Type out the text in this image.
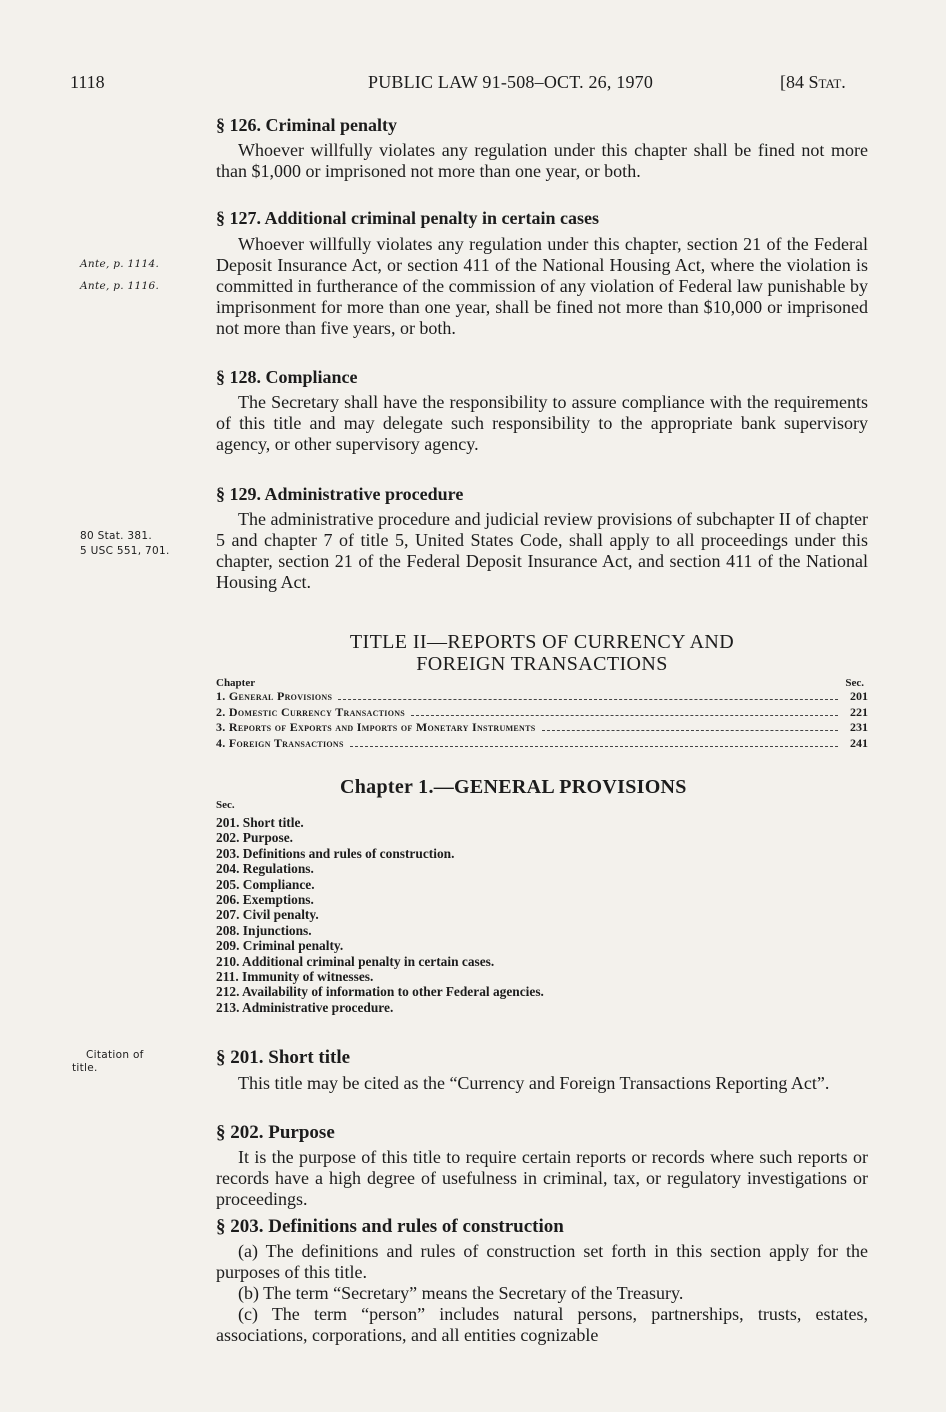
1118	PUBLIC LAW 91-508–OCT. 26, 1970	[84 Stat.
§ 126. Criminal penalty
Whoever willfully violates any regulation under this chapter shall be fined not more than $1,000 or imprisoned not more than one year, or both.
§ 127. Additional criminal penalty in certain cases
Whoever willfully violates any regulation under this chapter, section 21 of the Federal Deposit Insurance Act, or section 411 of the National Housing Act, where the violation is committed in furtherance of the commission of any violation of Federal law punishable by imprisonment for more than one year, shall be fined not more than $10,000 or imprisoned not more than five years, or both.
Ante, p. 1114.
Ante, p. 1116.
§ 128. Compliance
The Secretary shall have the responsibility to assure compliance with the requirements of this title and may delegate such responsibility to the appropriate bank supervisory agency, or other supervisory agency.
§ 129. Administrative procedure
The administrative procedure and judicial review provisions of subchapter II of chapter 5 and chapter 7 of title 5, United States Code, shall apply to all proceedings under this chapter, section 21 of the Federal Deposit Insurance Act, and section 411 of the National Housing Act.
80 Stat. 381.
5 USC 551, 701.
TITLE II—REPORTS OF CURRENCY AND
FOREIGN TRANSACTIONS
Chapter	Sec.
1. General Provisions	201
2. Domestic Currency Transactions	221
3. Reports of Exports and Imports of Monetary Instruments	231
4. Foreign Transactions	241
Chapter 1.—GENERAL PROVISIONS
Sec.
201. Short title.
202. Purpose.
203. Definitions and rules of construction.
204. Regulations.
205. Compliance.
206. Exemptions.
207. Civil penalty.
208. Injunctions.
209. Criminal penalty.
210. Additional criminal penalty in certain cases.
211. Immunity of witnesses.
212. Availability of information to other Federal agencies.
213. Administrative procedure.
Citation of
title.	§ 201. Short title
This title may be cited as the “Currency and Foreign Transactions Reporting Act”.
§ 202. Purpose
It is the purpose of this title to require certain reports or records where such reports or records have a high degree of usefulness in criminal, tax, or regulatory investigations or proceedings.
§ 203. Definitions and rules of construction
(a) The definitions and rules of construction set forth in this section apply for the purposes of this title.
(b) The term “Secretary” means the Secretary of the Treasury.
(c) The term “person” includes natural persons, partnerships, trusts, estates, associations, corporations, and all entities cognizable
